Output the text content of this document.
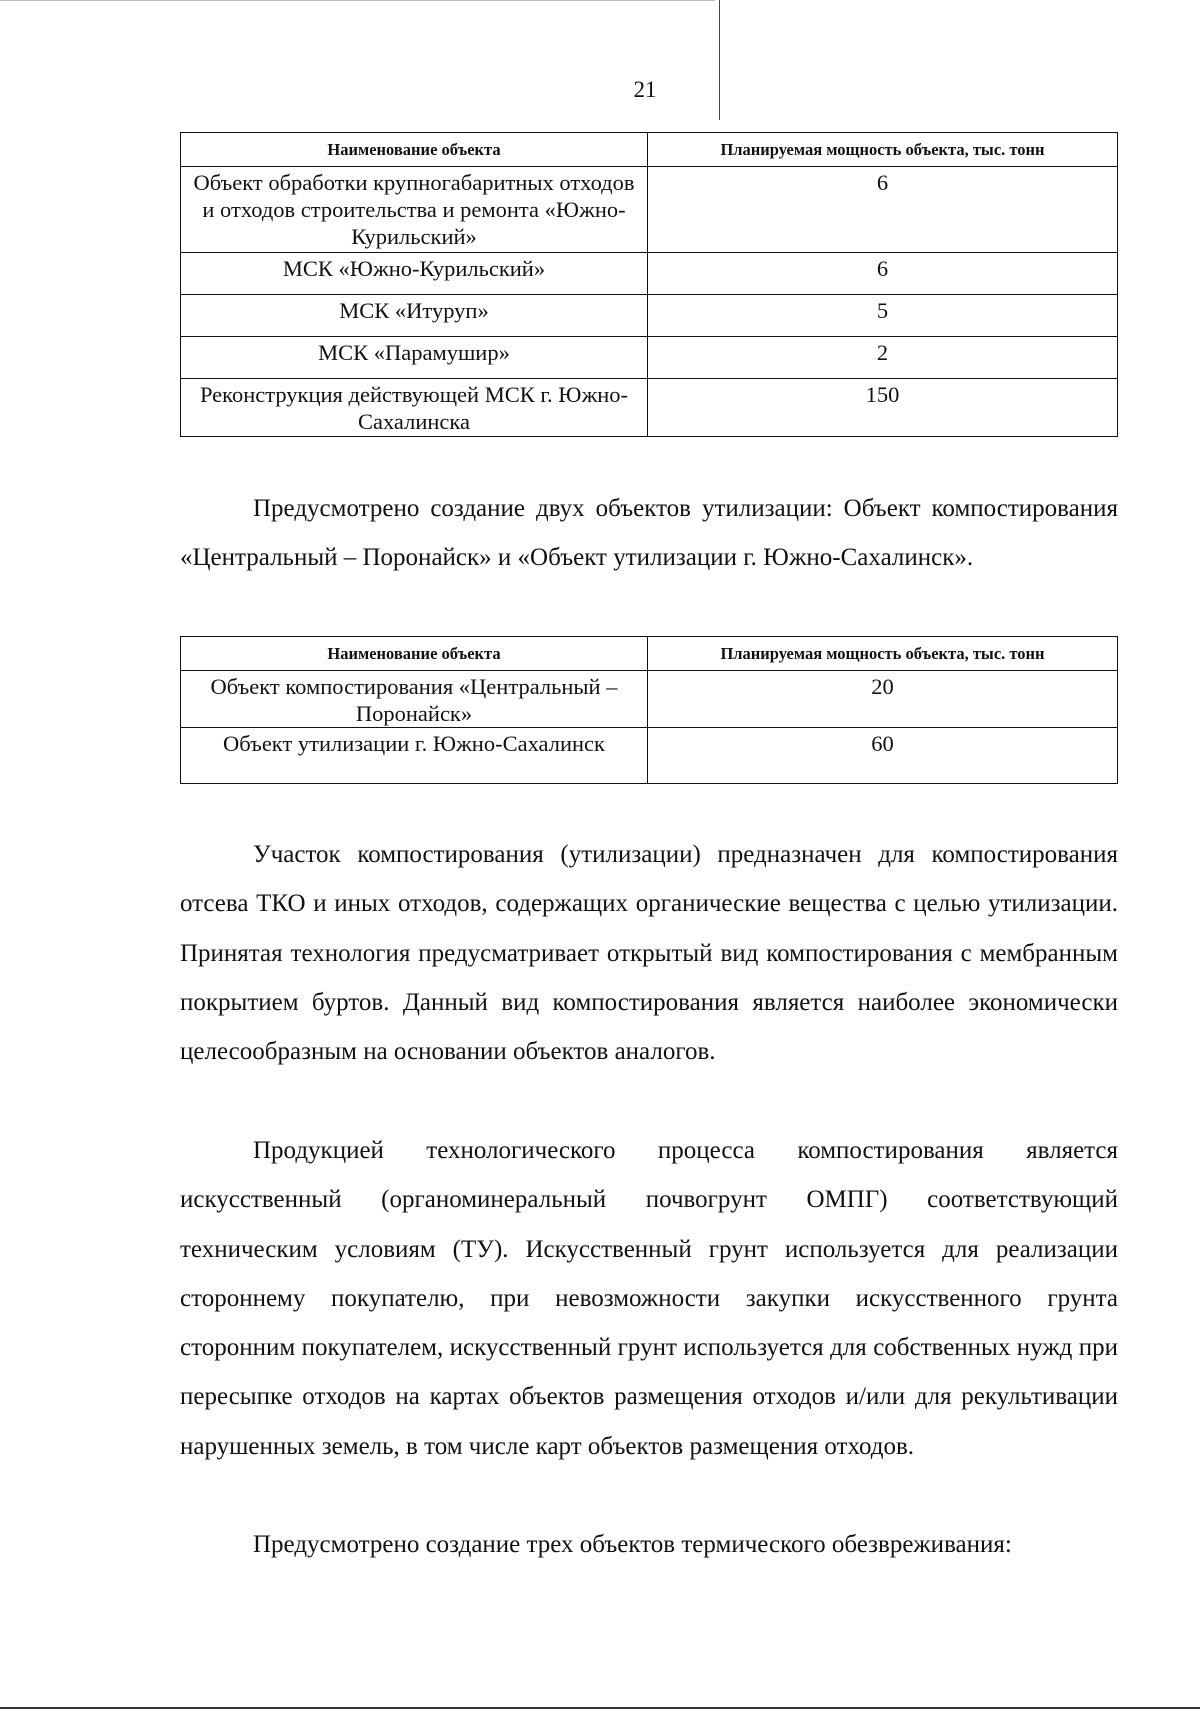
21
Наименование объекта	Планируемая мощность объекта, тыс. тонн
Объект обработки крупногабаритных отходов и отходов строительства и ремонта «Южно-Курильский»	6
МСК «Южно-Курильский»	6
МСК «Итуруп»	5
МСК «Парамушир»	2
Реконструкция действующей МСК г. Южно-Сахалинска	150

Предусмотрено создание двух объектов утилизации: Объект компостирования «Центральный – Поронайск» и «Объект утилизации г. Южно-Сахалинск».

Наименование объекта	Планируемая мощность объекта, тыс. тонн
Объект компостирования «Центральный – Поронайск»	20
Объект утилизации г. Южно-Сахалинск	60

Участок компостирования (утилизации) предназначен для компостирования отсева ТКО и иных отходов, содержащих органические вещества с целью утилизации. Принятая технология предусматривает открытый вид компостирования с мембранным покрытием буртов. Данный вид компостирования является наиболее экономически целесообразным на основании объектов аналогов.

Продукцией технологического процесса компостирования является искусственный (органоминеральный почвогрунт ОМПГ) соответствующий техническим условиям (ТУ). Искусственный грунт используется для реализации стороннему покупателю, при невозможности закупки искусственного грунта сторонним покупателем, искусственный грунт используется для собственных нужд при пересыпке отходов на картах объектов размещения отходов и/или для рекультивации нарушенных земель, в том числе карт объектов размещения отходов.

Предусмотрено создание трех объектов термического обезвреживания:
